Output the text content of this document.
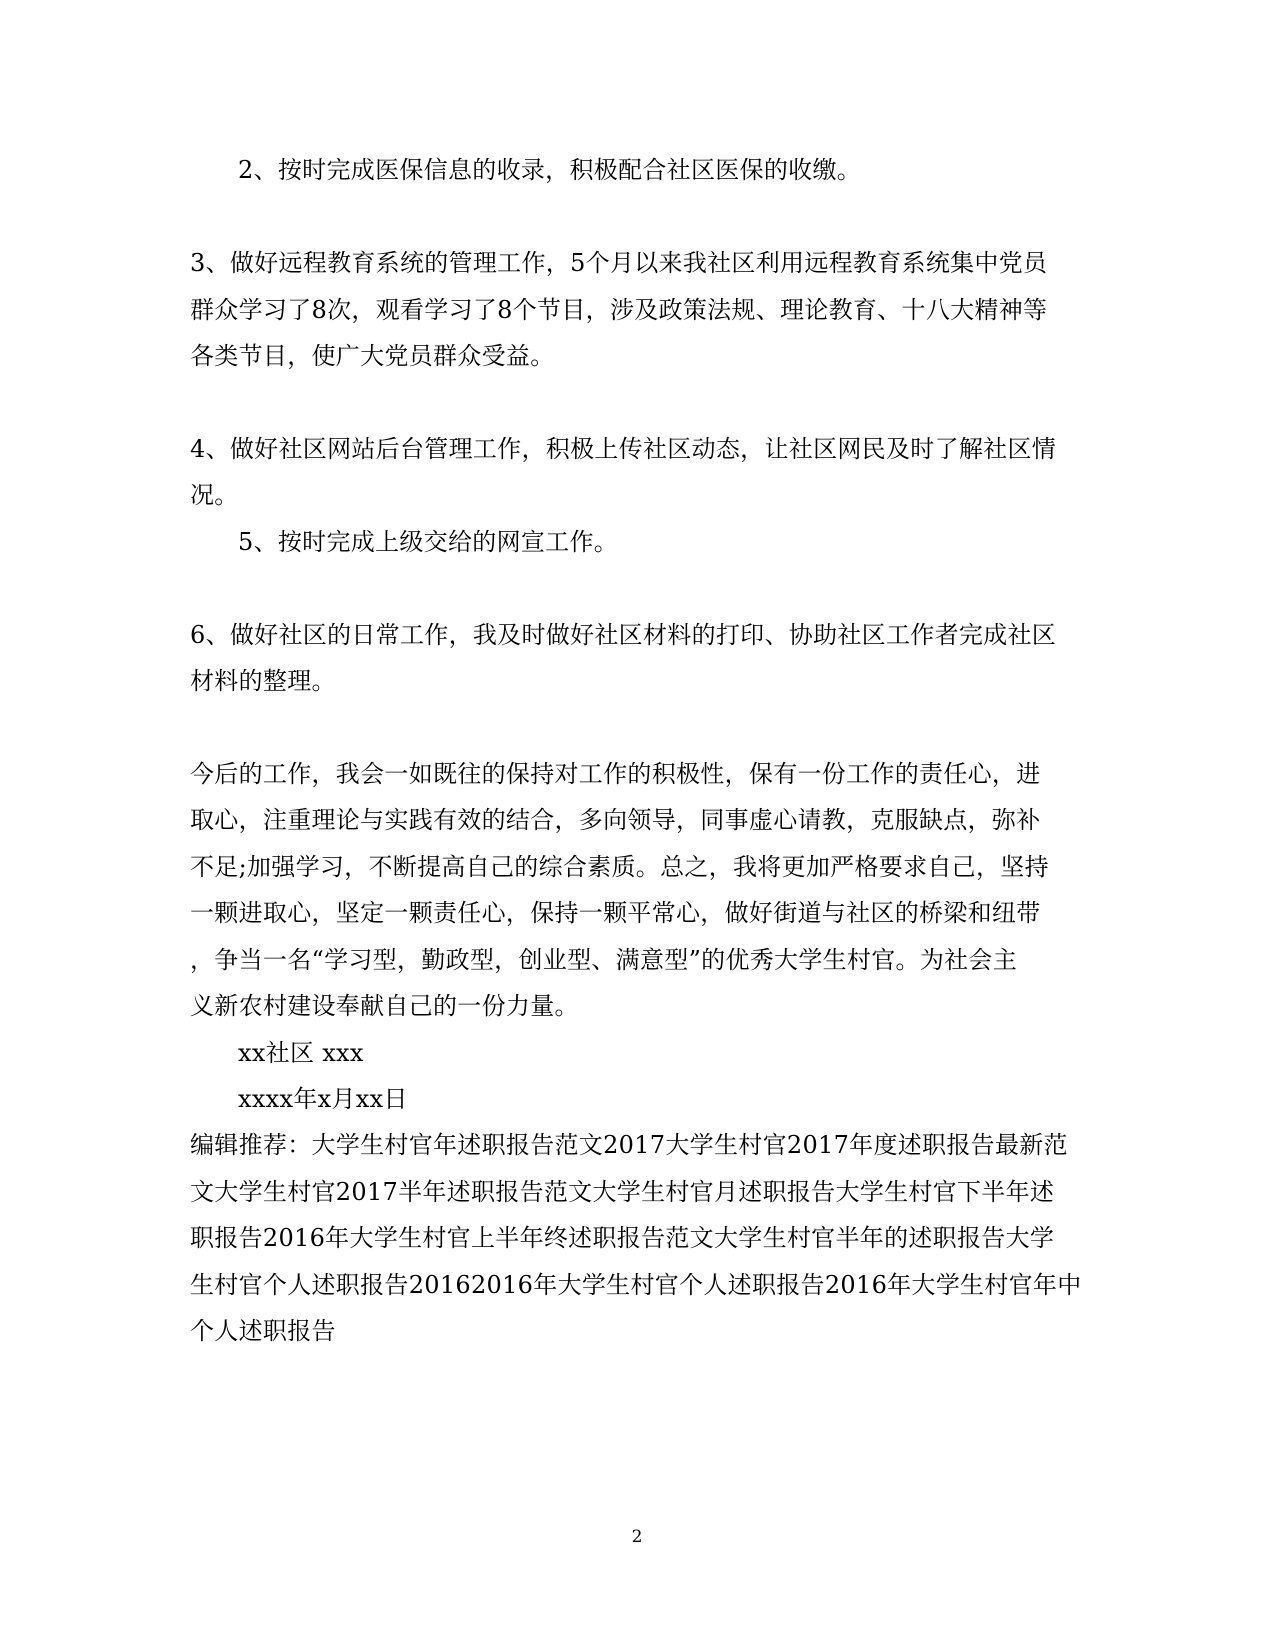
2、按时完成医保信息的收录，积极配合社区医保的收缴。
3、做好远程教育系统的管理工作，5个月以来我社区利用远程教育系统集中党员
群众学习了8次，观看学习了8个节目，涉及政策法规、理论教育、十八大精神等
各类节目，使广大党员群众受益。
4、做好社区网站后台管理工作，积极上传社区动态，让社区网民及时了解社区情
况。
5、按时完成上级交给的网宣工作。
6、做好社区的日常工作，我及时做好社区材料的打印、协助社区工作者完成社区
材料的整理。
今后的工作，我会一如既往的保持对工作的积极性，保有一份工作的责任心，进
取心，注重理论与实践有效的结合，多向领导，同事虚心请教，克服缺点，弥补
不足;加强学习，不断提高自己的综合素质。总之，我将更加严格要求自己，坚持
一颗进取心，坚定一颗责任心，保持一颗平常心，做好街道与社区的桥梁和纽带
，争当一名“学习型，勤政型，创业型、满意型”的优秀大学生村官。为社会主
义新农村建设奉献自己的一份力量。
xx社区 xxx
xxxx年x月xx日
编辑推荐：大学生村官年述职报告范文2017大学生村官2017年度述职报告最新范
文大学生村官2017半年述职报告范文大学生村官月述职报告大学生村官下半年述
职报告2016年大学生村官上半年终述职报告范文大学生村官半年的述职报告大学
生村官个人述职报告20162016年大学生村官个人述职报告2016年大学生村官年中
个人述职报告
2
